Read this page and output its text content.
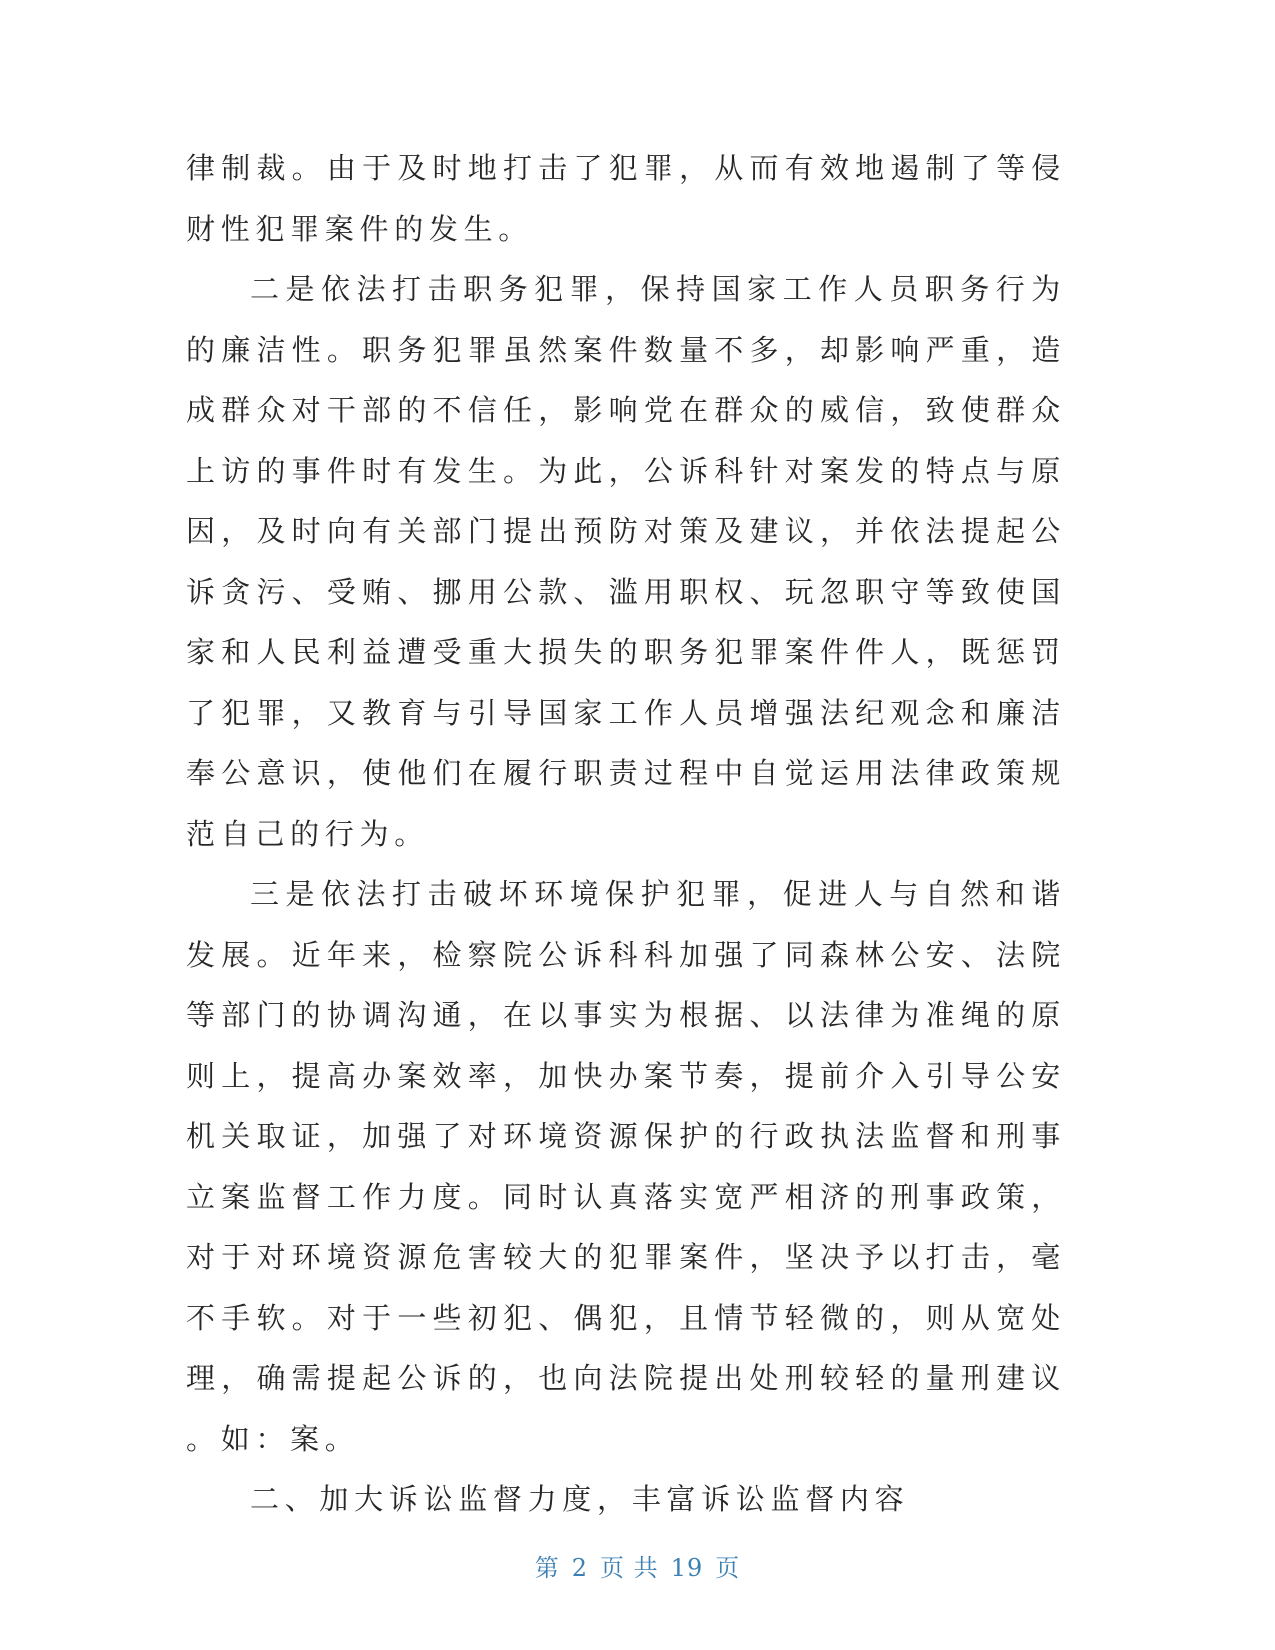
律制裁。由于及时地打击了犯罪，从而有效地遏制了等侵财性犯罪案件的发生。

二是依法打击职务犯罪，保持国家工作人员职务行为的廉洁性。职务犯罪虽然案件数量不多，却影响严重，造成群众对干部的不信任，影响党在群众的威信，致使群众上访的事件时有发生。为此，公诉科针对案发的特点与原因，及时向有关部门提出预防对策及建议，并依法提起公诉贪污、受贿、挪用公款、滥用职权、玩忽职守等致使国家和人民利益遭受重大损失的职务犯罪案件件人，既惩罚了犯罪，又教育与引导国家工作人员增强法纪观念和廉洁奉公意识，使他们在履行职责过程中自觉运用法律政策规范自己的行为。

三是依法打击破坏环境保护犯罪，促进人与自然和谐发展。近年来，检察院公诉科科加强了同森林公安、法院等部门的协调沟通，在以事实为根据、以法律为准绳的原则上，提高办案效率，加快办案节奏，提前介入引导公安机关取证，加强了对环境资源保护的行政执法监督和刑事立案监督工作力度。同时认真落实宽严相济的刑事政策，对于对环境资源危害较大的犯罪案件，坚决予以打击，毫不手软。对于一些初犯、偶犯，且情节轻微的，则从宽处理，确需提起公诉的，也向法院提出处刑较轻的量刑建议。如：案。

二、加大诉讼监督力度，丰富诉讼监督内容

第 2 页 共 19 页
